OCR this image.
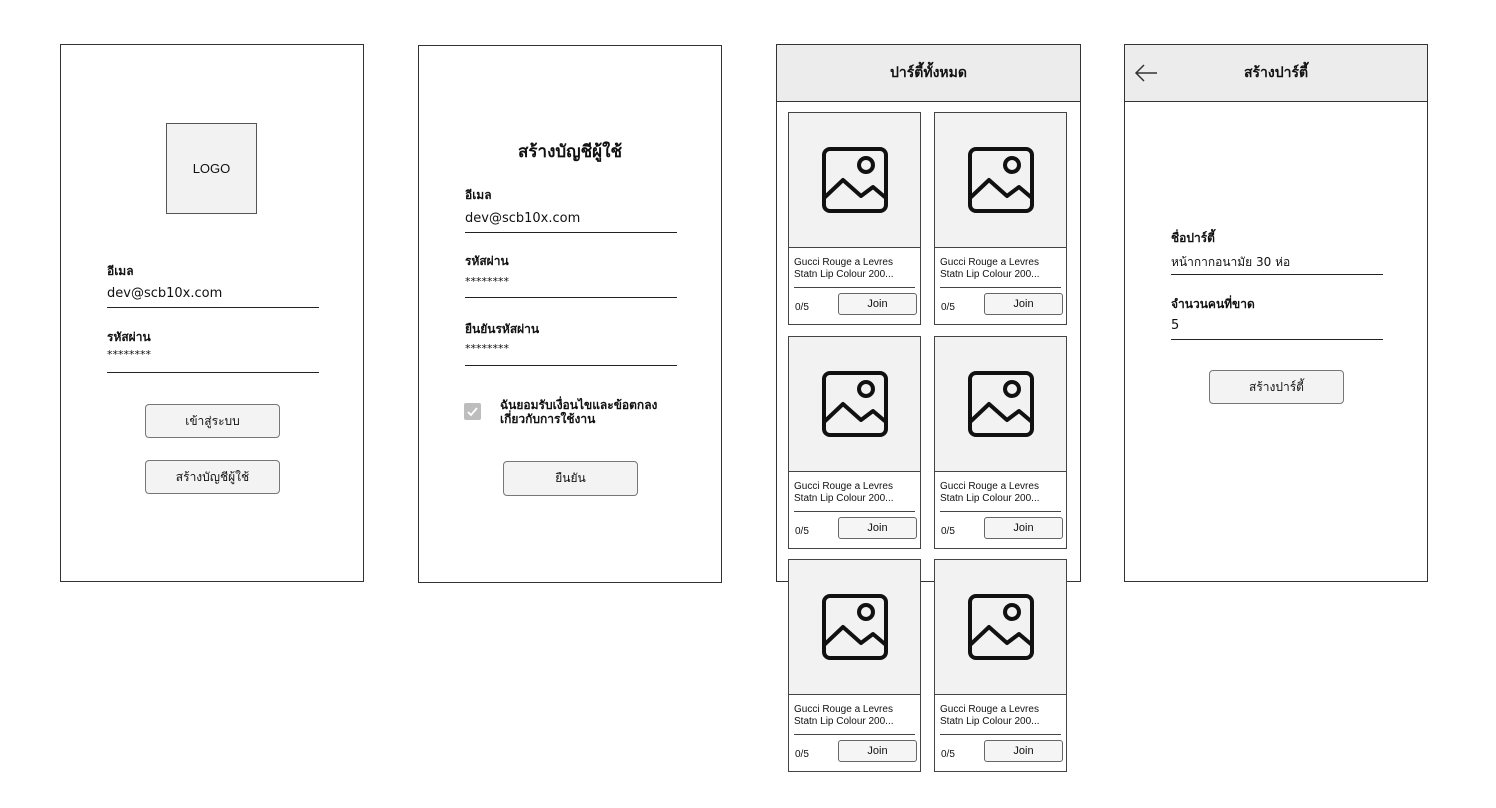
LOGO
อีเมล
dev@scb10x.com
รหัสผ่าน
********
เข้าสู่ระบบ
สร้างบัญชีผู้ใช้
สร้างบัญชีผู้ใช้
อีเมล
dev@scb10x.com
รหัสผ่าน
********
ยืนยันรหัสผ่าน
********
ฉันยอมรับเงื่อนไขและข้อตกลง
เกี่ยวกับการใช้งาน
ยืนยัน
ปาร์ตี้ทั้งหมด
Gucci Rouge a Levres
Statn Lip Colour 200...
0/5	Join
Gucci Rouge a Levres
Statn Lip Colour 200...
0/5	Join
Gucci Rouge a Levres
Statn Lip Colour 200...
0/5	Join
Gucci Rouge a Levres
Statn Lip Colour 200...
0/5	Join
Gucci Rouge a Levres
Statn Lip Colour 200...
0/5	Join
Gucci Rouge a Levres
Statn Lip Colour 200...
0/5	Join
สร้างปาร์ตี้
ชื่อปาร์ตี้
หน้ากากอนามัย 30 ห่อ
จำนวนคนที่ขาด
5
สร้างปาร์ตี้
